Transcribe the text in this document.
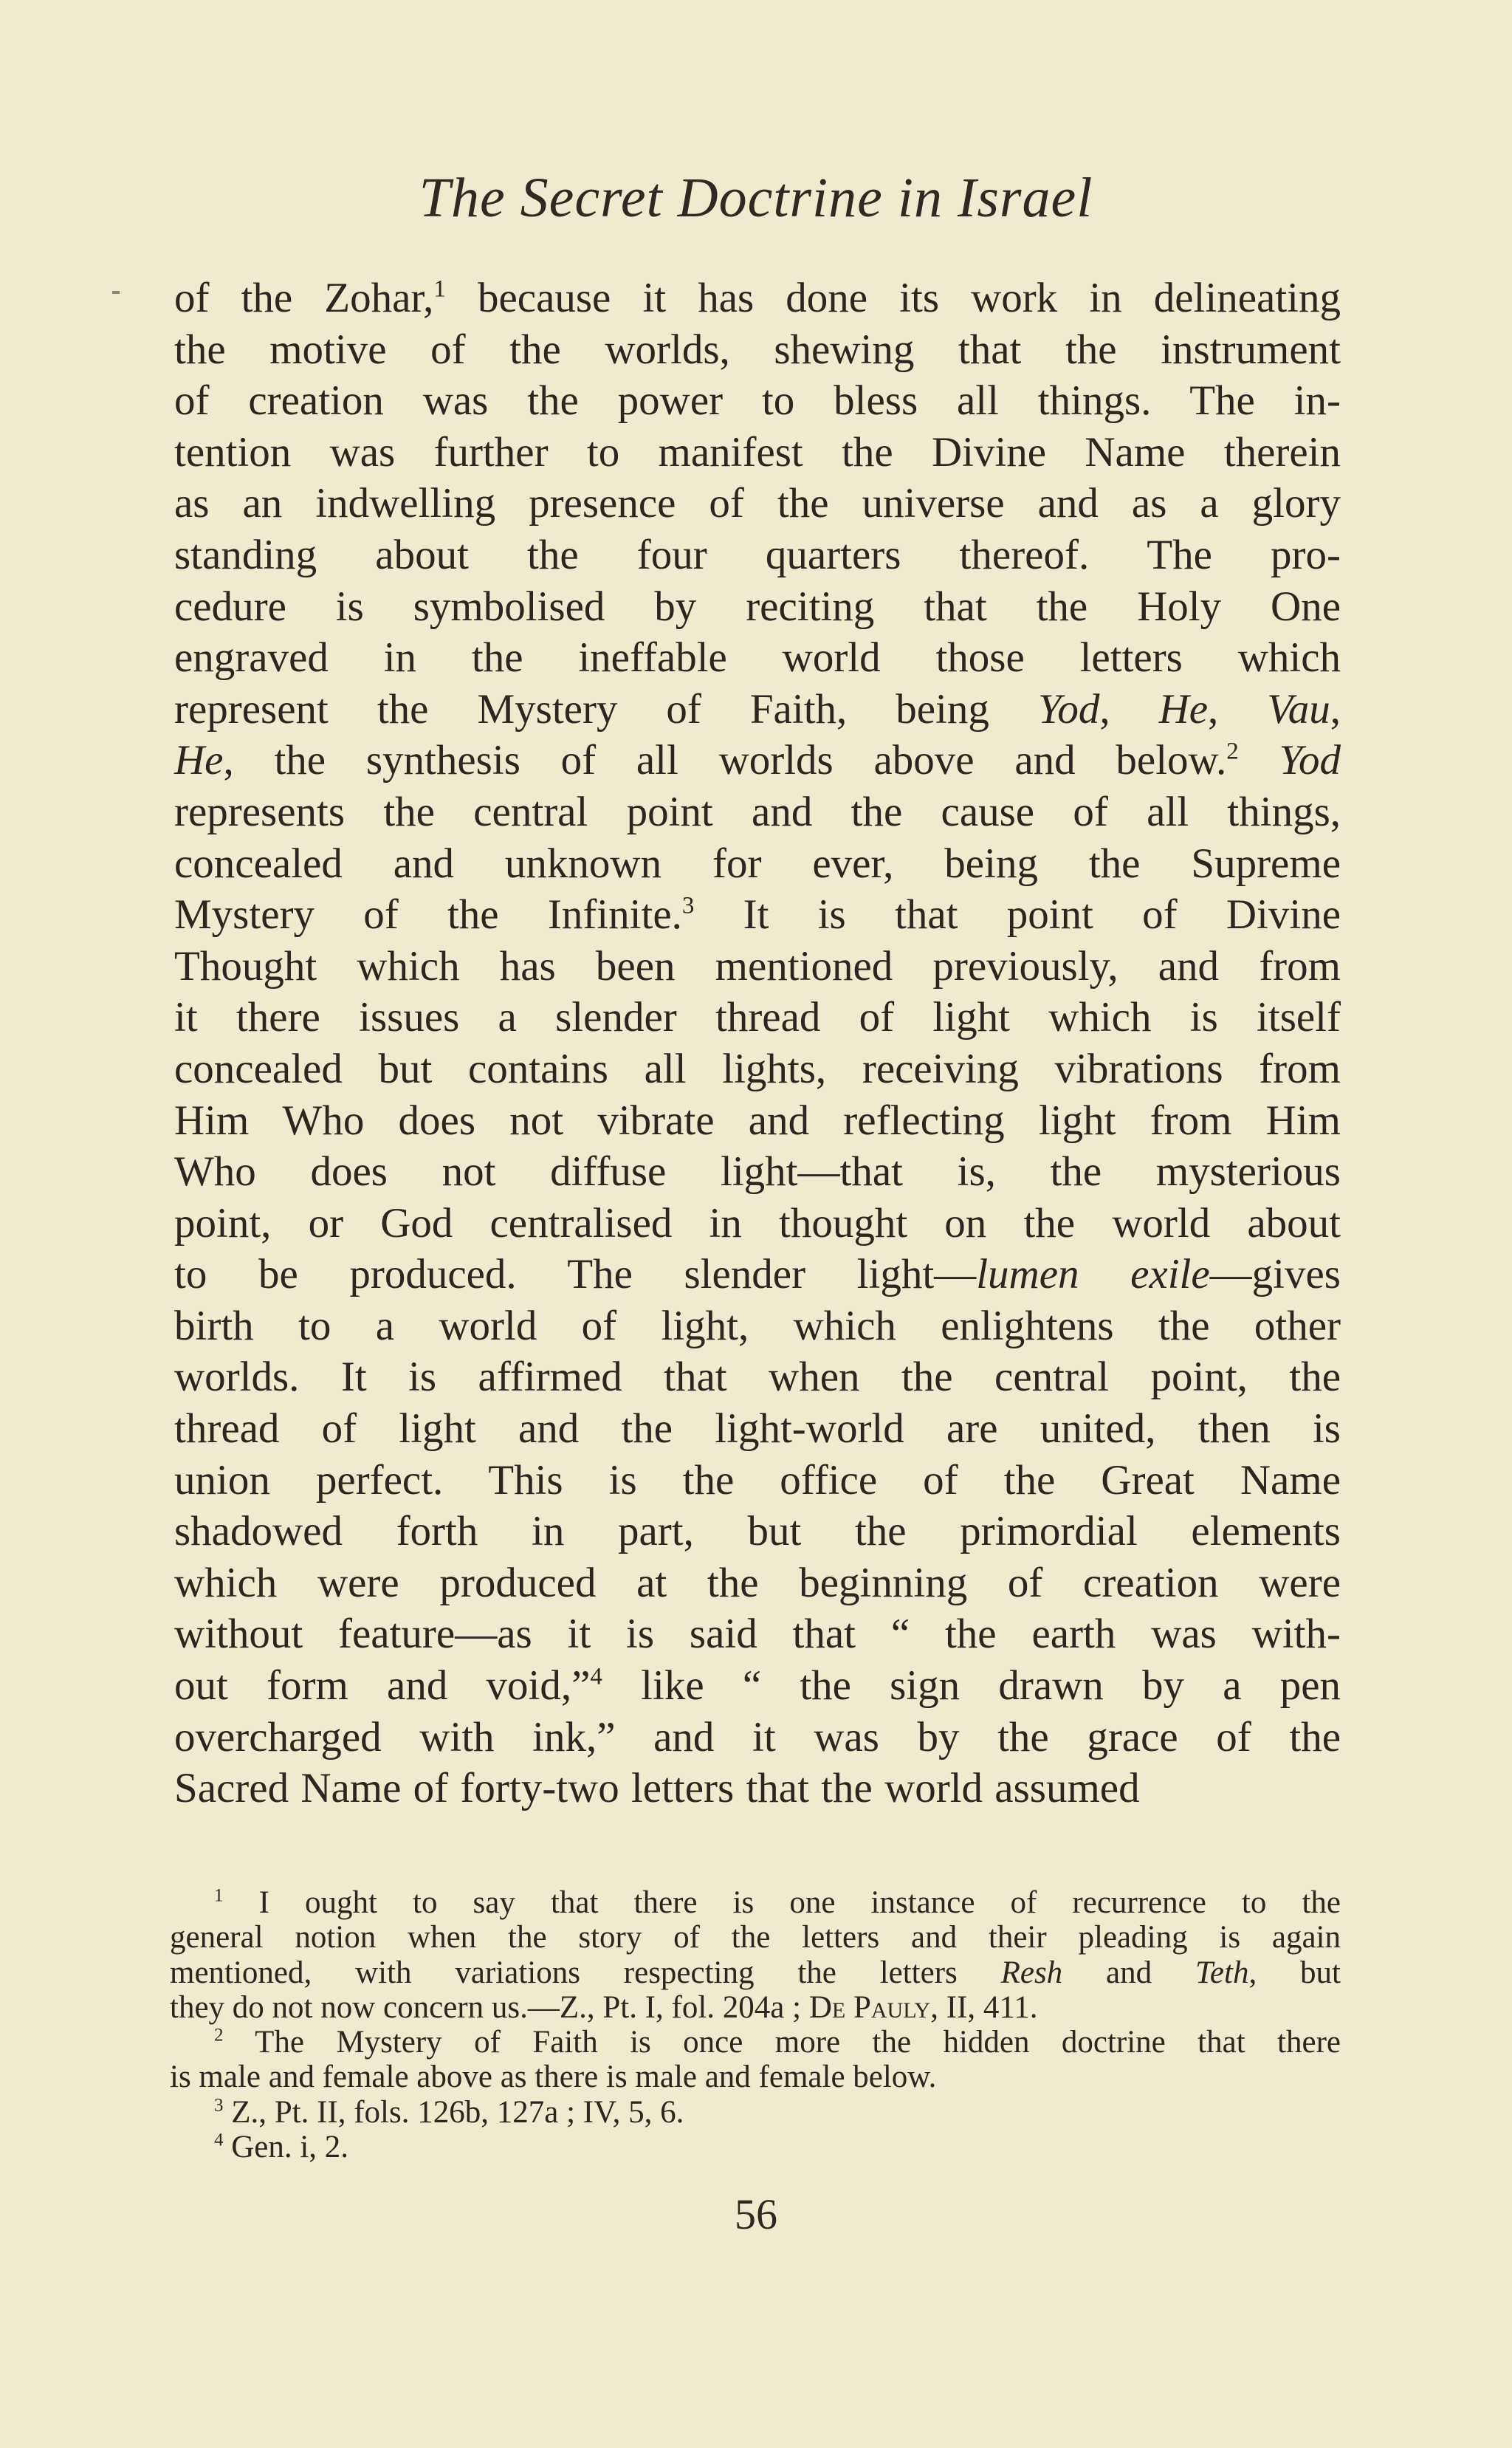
The Secret Doctrine in Israel
of the Zohar,$^1$ because it has done its work in delineating
the motive of the worlds, shewing that the instrument
of creation was the power to bless all things. The in-
tention was further to manifest the Divine Name therein
as an indwelling presence of the universe and as a glory
standing about the four quarters thereof. The pro-
cedure is symbolised by reciting that the Holy One
engraved in the ineffable world those letters which
represent the Mystery of Faith, being Yod, He, Vau,
He, the synthesis of all worlds above and below.$^2$ Yod
represents the central point and the cause of all things,
concealed and unknown for ever, being the Supreme
Mystery of the Infinite.$^3$ It is that point of Divine
Thought which has been mentioned previously, and from
it there issues a slender thread of light which is itself
concealed but contains all lights, receiving vibrations from
Him Who does not vibrate and reflecting light from Him
Who does not diffuse light—that is, the mysterious
point, or God centralised in thought on the world about
to be produced. The slender light—lumen exile—gives
birth to a world of light, which enlightens the other
worlds. It is affirmed that when the central point, the
thread of light and the light-world are united, then is
union perfect. This is the office of the Great Name
shadowed forth in part, but the primordial elements
which were produced at the beginning of creation were
without feature—as it is said that “ the earth was with-
out form and void,”$^4$ like “ the sign drawn by a pen
overcharged with ink,” and it was by the grace of the
Sacred Name of forty-two letters that the world assumed
$^1$ I ought to say that there is one instance of recurrence to the
general notion when the story of the letters and their pleading is again
mentioned, with variations respecting the letters Resh and Teth, but
they do not now concern us.—Z., Pt. I, fol. 204a ; De Pauly, II, 411.
$^2$ The Mystery of Faith is once more the hidden doctrine that there
is male and female above as there is male and female below.
$^3$ Z., Pt. II, fols. 126b, 127a ; IV, 5, 6.
$^4$ Gen. i, 2.
56
